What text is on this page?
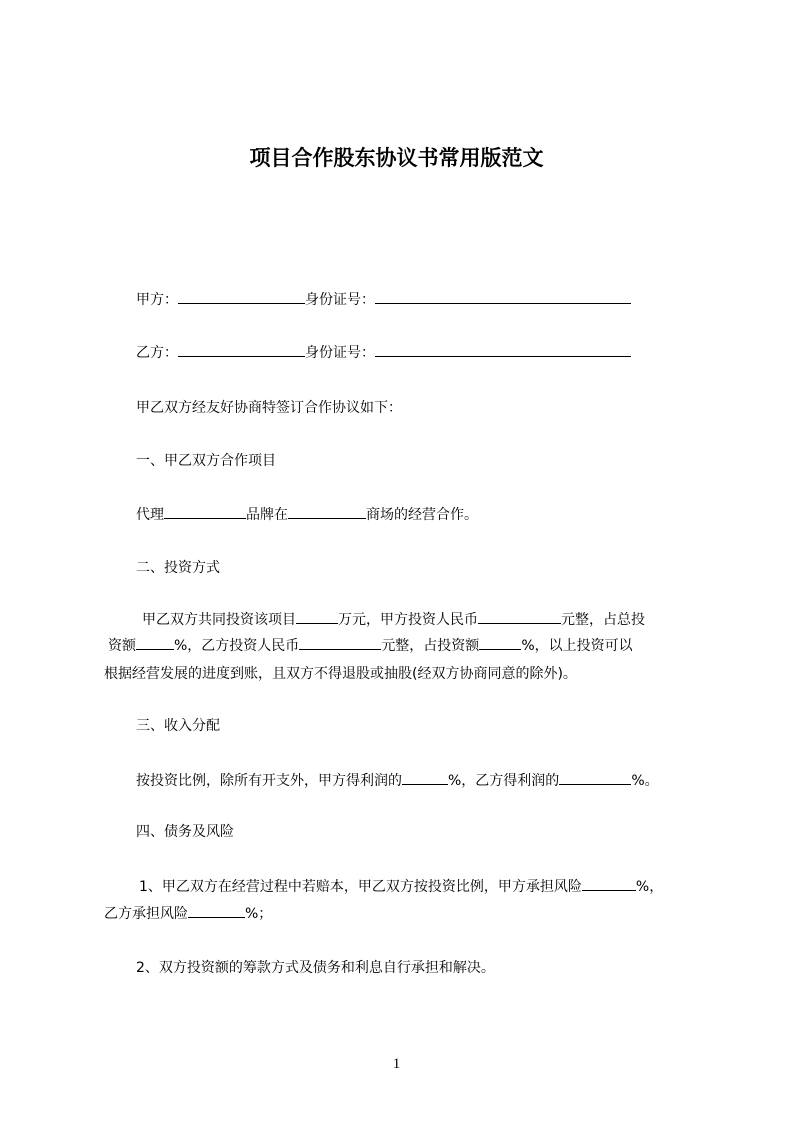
项目合作股东协议书常用版范文
甲方：	身份证号：
乙方：	身份证号：
甲乙双方经友好协商特签订合作协议如下：
一、甲乙双方合作项目
代理	品牌在	商场的经营合作。
二、投资方式
甲乙双方共同投资该项目	万元，甲方投资人民币	元整，占总投
资额	%，乙方投资人民币	元整，占投资额	%，以上投资可以
根据经营发展的进度到账，且双方不得退股或抽股(经双方协商同意的除外)。
三、收入分配
按投资比例，除所有开支外，甲方得利润的	%，乙方得利润的	%。
四、债务及风险
1、甲乙双方在经营过程中若赔本，甲乙双方按投资比例，甲方承担风险	%，
乙方承担风险	%；
2、双方投资额的筹款方式及债务和利息自行承担和解决。
1
